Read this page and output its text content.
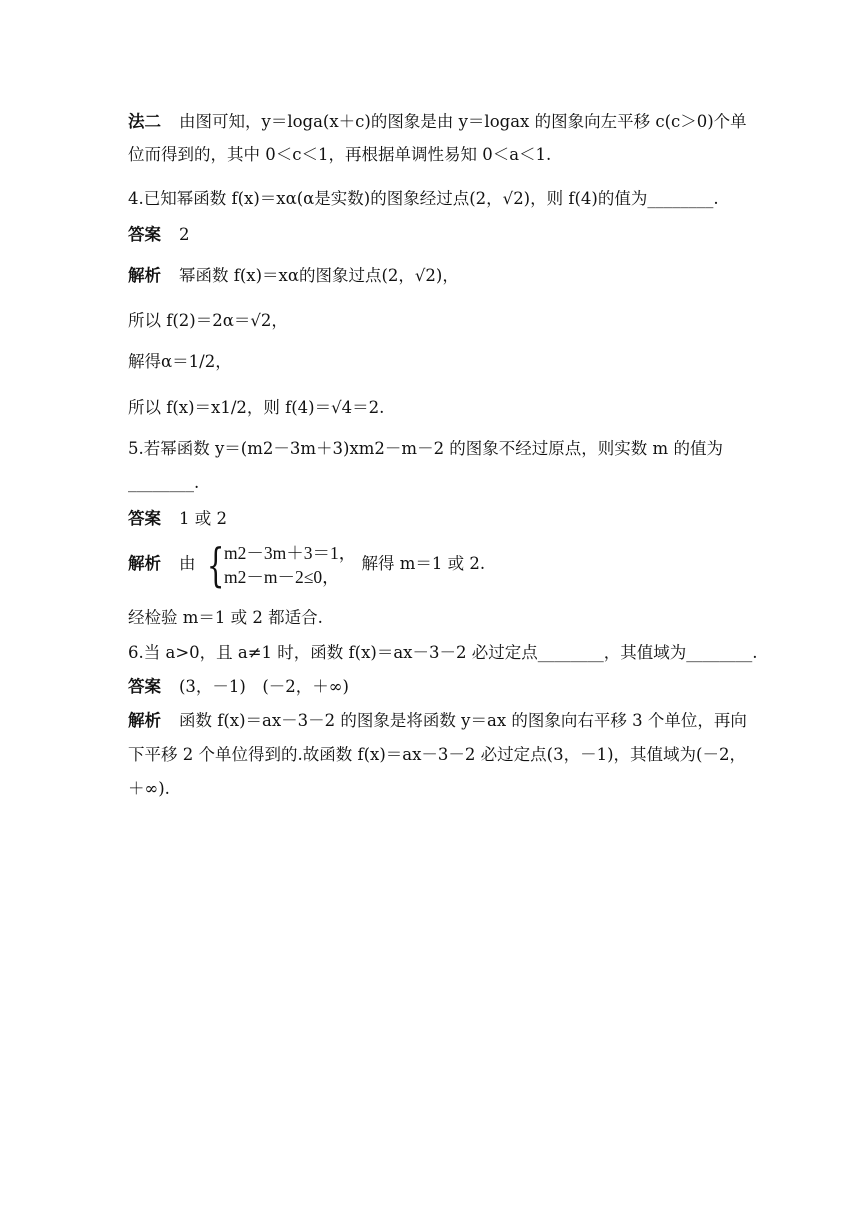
法二 由图可知，y＝loga(x＋c)的图象是由 y＝logax 的图象向左平移 c(c＞0)个单
位而得到的，其中 0＜c＜1，再根据单调性易知 0＜a＜1.
4.已知幂函数 f(x)＝xα(α是实数)的图象经过点(2，√2)，则 f(4)的值为________.
答案 2
解析 幂函数 f(x)＝xα的图象过点(2，√2)，
所以 f(2)＝2α＝√2，
解得α＝1/2，
所以 f(x)＝x1/2，则 f(4)＝√4＝2.
5.若幂函数 y＝(m2－3m＋3)xm2－m－2 的图象不经过原点，则实数 m 的值为
________.
答案 1 或 2
解析 由 { m2－3m＋3＝1，
m2－m－2≤0，
解得 m＝1 或 2.
经检验 m＝1 或 2 都适合.
6.当 a>0，且 a≠1 时，函数 f(x)＝ax－3－2 必过定点________，其值域为________.
答案 (3，－1)　(－2，＋∞)
解析 函数 f(x)＝ax－3－2 的图象是将函数 y＝ax 的图象向右平移 3 个单位，再向
下平移 2 个单位得到的.故函数 f(x)＝ax－3－2 必过定点(3，－1)，其值域为(－2，
＋∞).
